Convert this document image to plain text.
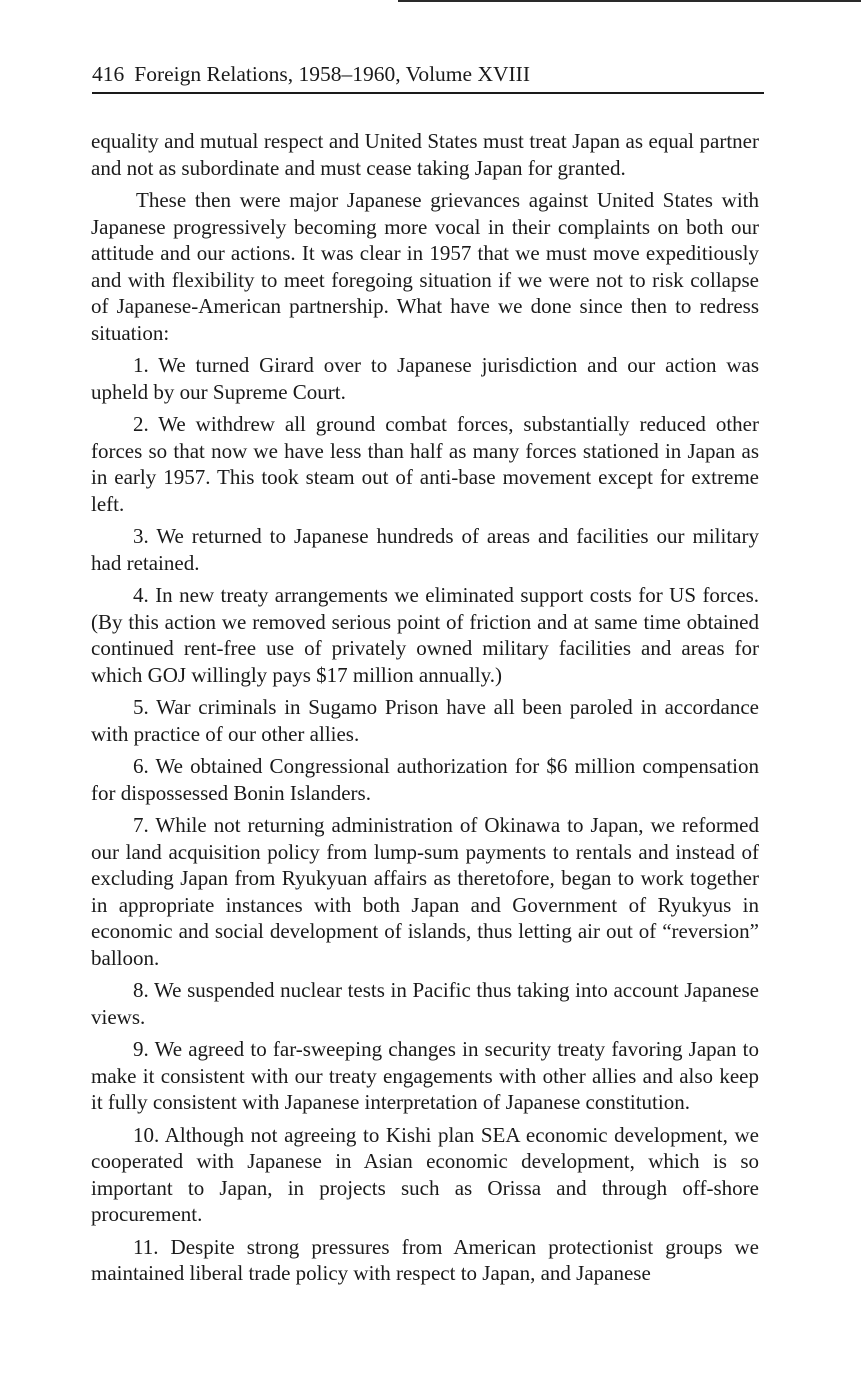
416 Foreign Relations, 1958–1960, Volume XVIII

equality and mutual respect and United States must treat Japan as equal partner and not as subordinate and must cease taking Japan for granted.

These then were major Japanese grievances against United States with Japanese progressively becoming more vocal in their complaints on both our attitude and our actions. It was clear in 1957 that we must move expeditiously and with flexibility to meet foregoing situation if we were not to risk collapse of Japanese-American partnership. What have we done since then to redress situation:

1. We turned Girard over to Japanese jurisdiction and our action was upheld by our Supreme Court.

2. We withdrew all ground combat forces, substantially reduced other forces so that now we have less than half as many forces stationed in Japan as in early 1957. This took steam out of anti-base movement except for extreme left.

3. We returned to Japanese hundreds of areas and facilities our military had retained.

4. In new treaty arrangements we eliminated support costs for US forces. (By this action we removed serious point of friction and at same time obtained continued rent-free use of privately owned military facilities and areas for which GOJ willingly pays $17 million annually.)

5. War criminals in Sugamo Prison have all been paroled in accordance with practice of our other allies.

6. We obtained Congressional authorization for $6 million compensation for dispossessed Bonin Islanders.

7. While not returning administration of Okinawa to Japan, we reformed our land acquisition policy from lump-sum payments to rentals and instead of excluding Japan from Ryukyuan affairs as theretofore, began to work together in appropriate instances with both Japan and Government of Ryukyus in economic and social development of islands, thus letting air out of “reversion” balloon.

8. We suspended nuclear tests in Pacific thus taking into account Japanese views.

9. We agreed to far-sweeping changes in security treaty favoring Japan to make it consistent with our treaty engagements with other allies and also keep it fully consistent with Japanese interpretation of Japanese constitution.

10. Although not agreeing to Kishi plan SEA economic development, we cooperated with Japanese in Asian economic development, which is so important to Japan, in projects such as Orissa and through off-shore procurement.

11. Despite strong pressures from American protectionist groups we maintained liberal trade policy with respect to Japan, and Japanese
